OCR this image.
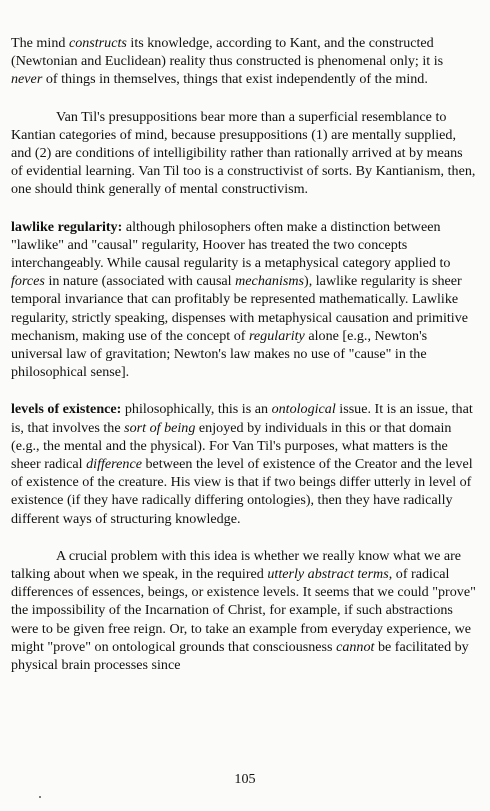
The mind constructs its knowledge, according to Kant, and the constructed (Newtonian and Euclidean) reality thus constructed is phenomenal only; it is never of things in themselves, things that exist independently of the mind.

Van Til's presuppositions bear more than a superficial resemblance to Kantian categories of mind, because presuppositions (1) are mentally supplied, and (2) are conditions of intelligibility rather than rationally arrived at by means of evidential learning. Van Til too is a constructivist of sorts. By Kantianism, then, one should think generally of mental constructivism.

lawlike regularity: although philosophers often make a distinction between "lawlike" and "causal" regularity, Hoover has treated the two concepts interchangeably. While causal regularity is a metaphysical category applied to forces in nature (associated with causal mechanisms), lawlike regularity is sheer temporal invariance that can profitably be represented mathematically. Lawlike regularity, strictly speaking, dispenses with metaphysical causation and primitive mechanism, making use of the concept of regularity alone [e.g., Newton's universal law of gravitation; Newton's law makes no use of "cause" in the philosophical sense].

levels of existence: philosophically, this is an ontological issue. It is an issue, that is, that involves the sort of being enjoyed by individuals in this or that domain (e.g., the mental and the physical). For Van Til's purposes, what matters is the sheer radical difference between the level of existence of the Creator and the level of existence of the creature. His view is that if two beings differ utterly in level of existence (if they have radically differing ontologies), then they have radically different ways of structuring knowledge.

A crucial problem with this idea is whether we really know what we are talking about when we speak, in the required utterly abstract terms, of radical differences of essences, beings, or existence levels. It seems that we could "prove" the impossibility of the Incarnation of Christ, for example, if such abstractions were to be given free reign. Or, to take an example from everyday experience, we might "prove" on ontological grounds that consciousness cannot be facilitated by physical brain processes since

105
